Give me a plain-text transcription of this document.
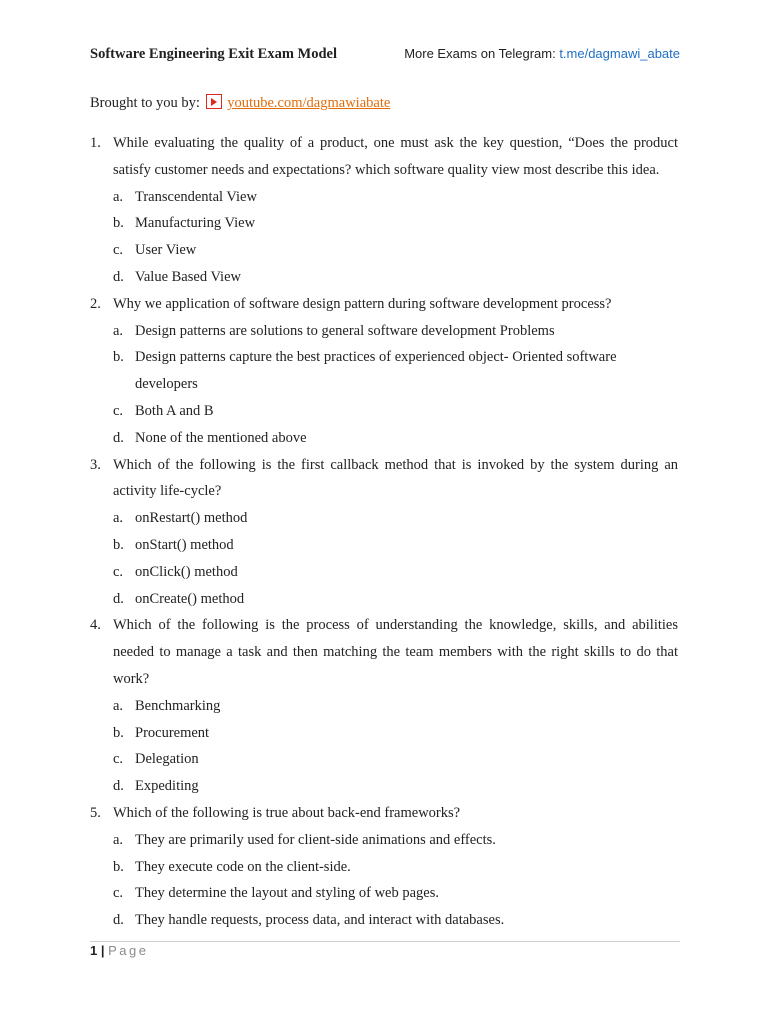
Software Engineering Exit Exam Model	More Exams on Telegram: t.me/dagmawi_abate
Brought to you by: youtube.com/dagmawiabate
1. While evaluating the quality of a product, one must ask the key question, “Does the product satisfy customer needs and expectations? which software quality view most describe this idea.
a. Transcendental View
b. Manufacturing View
c. User View
d. Value Based View
2. Why we application of software design pattern during software development process?
a. Design patterns are solutions to general software development Problems
b. Design patterns capture the best practices of experienced object- Oriented software developers
c. Both A and B
d. None of the mentioned above
3. Which of the following is the first callback method that is invoked by the system during an activity life-cycle?
a. onRestart() method
b. onStart() method
c. onClick() method
d. onCreate() method
4. Which of the following is the process of understanding the knowledge, skills, and abilities needed to manage a task and then matching the team members with the right skills to do that work?
a. Benchmarking
b. Procurement
c. Delegation
d. Expediting
5. Which of the following is true about back-end frameworks?
a. They are primarily used for client-side animations and effects.
b. They execute code on the client-side.
c. They determine the layout and styling of web pages.
d. They handle requests, process data, and interact with databases.
1 | Page
